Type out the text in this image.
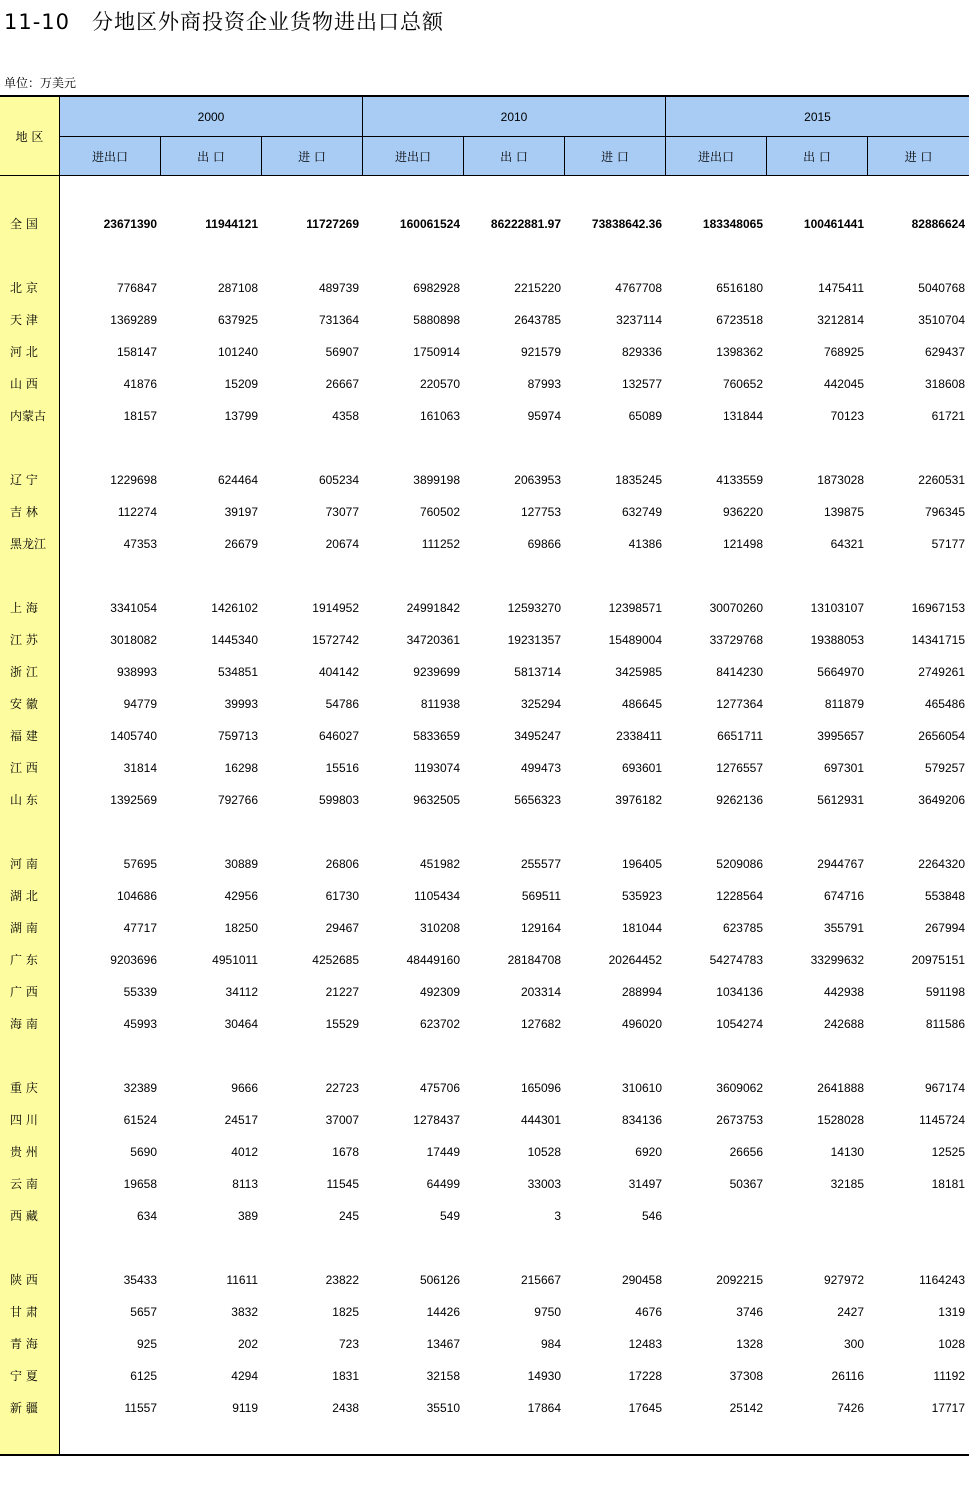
11-10 分地区外商投资企业货物进出口总额
单位：万美元
地 区
2000	2010	2015
进出口	出 口	进 口	进出口	出 口	进 口	进出口	出 口	进 口
全 国	23671390	11944121	11727269	160061524	86222881.97	73838642.36	183348065	100461441	82886624
北 京	776847	287108	489739	6982928	2215220	4767708	6516180	1475411	5040768
天 津	1369289	637925	731364	5880898	2643785	3237114	6723518	3212814	3510704
河 北	158147	101240	56907	1750914	921579	829336	1398362	768925	629437
山 西	41876	15209	26667	220570	87993	132577	760652	442045	318608
内蒙古	18157	13799	4358	161063	95974	65089	131844	70123	61721
辽 宁	1229698	624464	605234	3899198	2063953	1835245	4133559	1873028	2260531
吉 林	112274	39197	73077	760502	127753	632749	936220	139875	796345
黑龙江	47353	26679	20674	111252	69866	41386	121498	64321	57177
上 海	3341054	1426102	1914952	24991842	12593270	12398571	30070260	13103107	16967153
江 苏	3018082	1445340	1572742	34720361	19231357	15489004	33729768	19388053	14341715
浙 江	938993	534851	404142	9239699	5813714	3425985	8414230	5664970	2749261
安 徽	94779	39993	54786	811938	325294	486645	1277364	811879	465486
福 建	1405740	759713	646027	5833659	3495247	2338411	6651711	3995657	2656054
江 西	31814	16298	15516	1193074	499473	693601	1276557	697301	579257
山 东	1392569	792766	599803	9632505	5656323	3976182	9262136	5612931	3649206
河 南	57695	30889	26806	451982	255577	196405	5209086	2944767	2264320
湖 北	104686	42956	61730	1105434	569511	535923	1228564	674716	553848
湖 南	47717	18250	29467	310208	129164	181044	623785	355791	267994
广 东	9203696	4951011	4252685	48449160	28184708	20264452	54274783	33299632	20975151
广 西	55339	34112	21227	492309	203314	288994	1034136	442938	591198
海 南	45993	30464	15529	623702	127682	496020	1054274	242688	811586
重 庆	32389	9666	22723	475706	165096	310610	3609062	2641888	967174
四 川	61524	24517	37007	1278437	444301	834136	2673753	1528028	1145724
贵 州	5690	4012	1678	17449	10528	6920	26656	14130	12525
云 南	19658	8113	11545	64499	33003	31497	50367	32185	18181
西 藏	634	389	245	549	3	546
陕 西	35433	11611	23822	506126	215667	290458	2092215	927972	1164243
甘 肃	5657	3832	1825	14426	9750	4676	3746	2427	1319
青 海	925	202	723	13467	984	12483	1328	300	1028
宁 夏	6125	4294	1831	32158	14930	17228	37308	26116	11192
新 疆	11557	9119	2438	35510	17864	17645	25142	7426	17717
